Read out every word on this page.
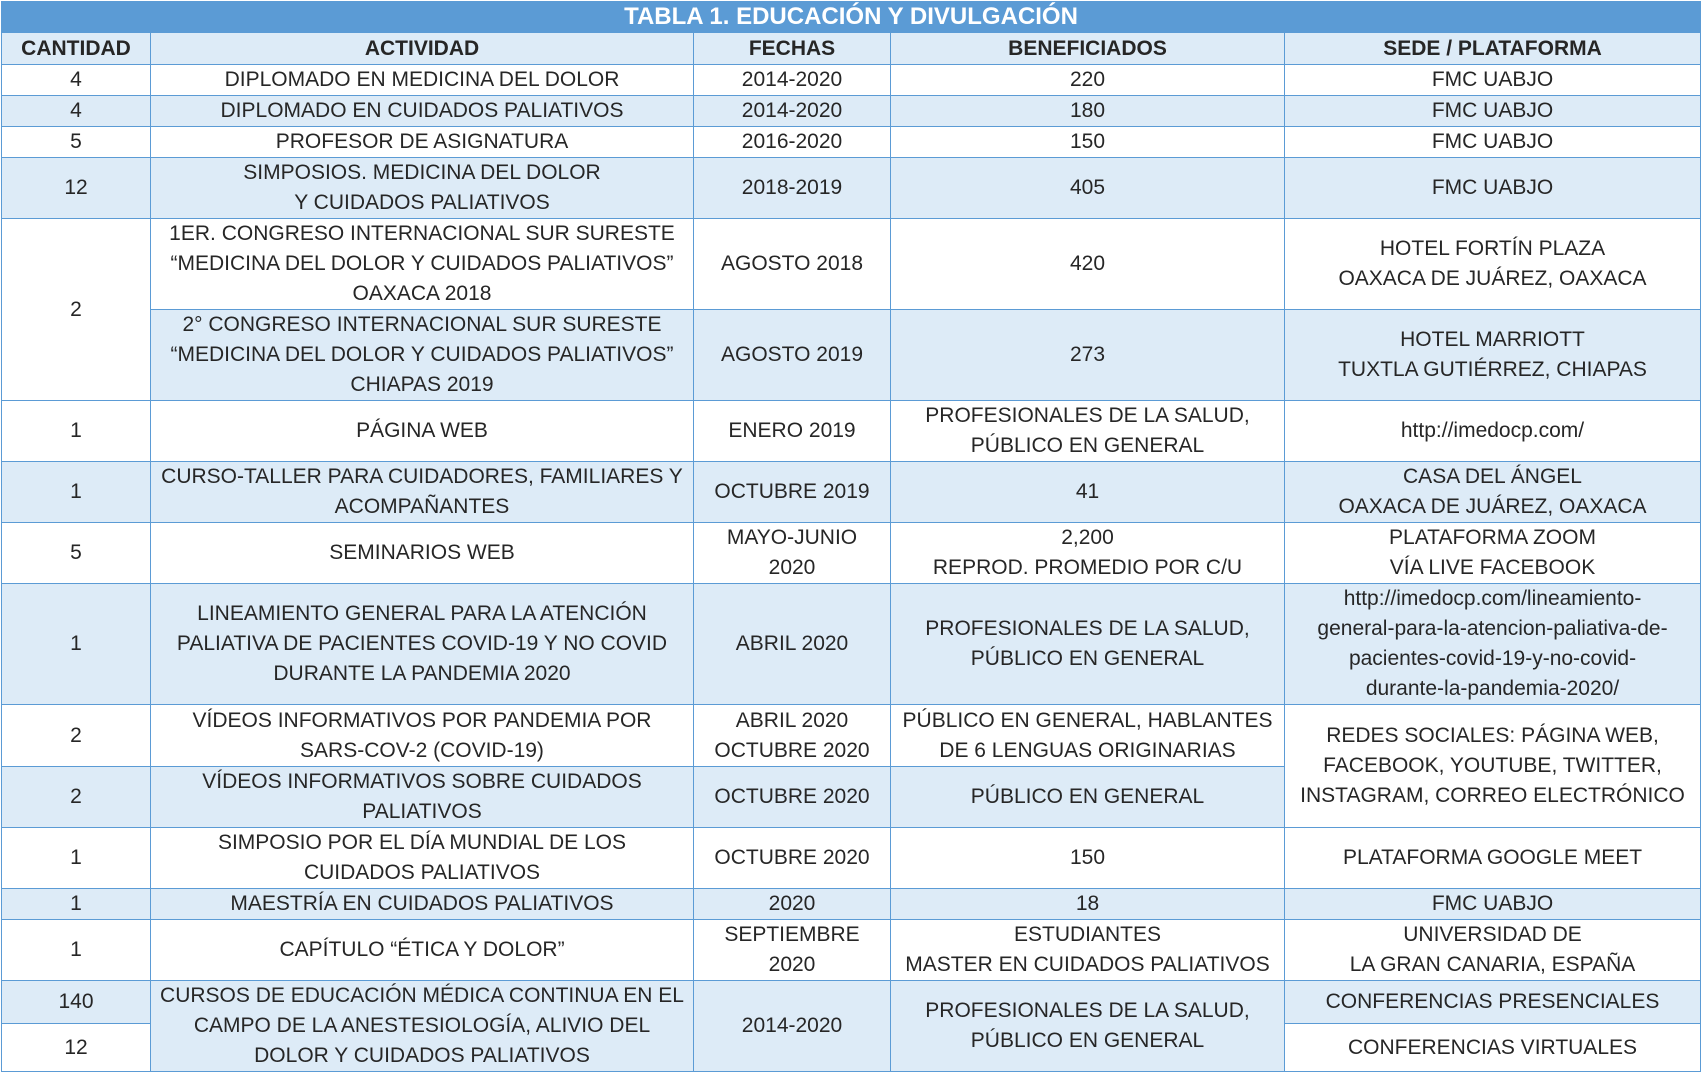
TABLA 1. EDUCACIÓN Y DIVULGACIÓN				
CANTIDAD	ACTIVIDAD	FECHAS	BENEFICIADOS	SEDE / PLATAFORMA
4	DIPLOMADO EN MEDICINA DEL DOLOR	2014-2020	220	FMC UABJO

4	DIPLOMADO EN CUIDADOS PALIATIVOS	2014-2020	180	FMC UABJO

5	PROFESOR DE ASIGNATURA	2016-2020	150	FMC UABJO

12	SIMPOSIOS. MEDICINA DEL DOLOR
Y CUIDADOS PALIATIVOS	2018-2019	405	FMC UABJO

2	1ER. CONGRESO INTERNACIONAL SUR SURESTE
“MEDICINA DEL DOLOR Y CUIDADOS PALIATIVOS”
OAXACA 2018	AGOSTO 2018	420	HOTEL FORTÍN PLAZA
OAXACA DE JUÁREZ, OAXACA

	2° CONGRESO INTERNACIONAL SUR SURESTE
“MEDICINA DEL DOLOR Y CUIDADOS PALIATIVOS”
CHIAPAS 2019	AGOSTO 2019	273	HOTEL MARRIOTT
TUXTLA GUTIÉRREZ, CHIAPAS

1	PÁGINA WEB	ENERO 2019	PROFESIONALES DE LA SALUD,
PÚBLICO EN GENERAL	http://imedocp.com/

1	CURSO-TALLER PARA CUIDADORES, FAMILIARES Y
ACOMPAÑANTES	OCTUBRE 2019	41	CASA DEL ÁNGEL
OAXACA DE JUÁREZ, OAXACA

5	SEMINARIOS WEB	MAYO-JUNIO
2020	2,200
REPROD. PROMEDIO POR C/U	PLATAFORMA ZOOM
VÍA LIVE FACEBOOK

1	LINEAMIENTO GENERAL PARA LA ATENCIÓN
PALIATIVA DE PACIENTES COVID-19 Y NO COVID
DURANTE LA PANDEMIA 2020	ABRIL 2020	PROFESIONALES DE LA SALUD,
PÚBLICO EN GENERAL	http://imedocp.com/lineamiento-
general-para-la-atencion-paliativa-de-
pacientes-covid-19-y-no-covid-
durante-la-pandemia-2020/

2	VÍDEOS INFORMATIVOS POR PANDEMIA POR
SARS-COV-2 (COVID-19)	ABRIL 2020
OCTUBRE 2020	PÚBLICO EN GENERAL, HABLANTES
DE 6 LENGUAS ORIGINARIAS	REDES SOCIALES: PÁGINA WEB,
FACEBOOK, YOUTUBE, TWITTER,
INSTAGRAM, CORREO ELECTRÓNICO

2	VÍDEOS INFORMATIVOS SOBRE CUIDADOS
PALIATIVOS	OCTUBRE 2020	PÚBLICO EN GENERAL	

1	SIMPOSIO POR EL DÍA MUNDIAL DE LOS
CUIDADOS PALIATIVOS	OCTUBRE 2020	150	PLATAFORMA GOOGLE MEET

1	MAESTRÍA EN CUIDADOS PALIATIVOS	2020	18	FMC UABJO

1	CAPÍTULO “ÉTICA Y DOLOR”	SEPTIEMBRE
2020	ESTUDIANTES
MASTER EN CUIDADOS PALIATIVOS	UNIVERSIDAD DE
LA GRAN CANARIA, ESPAÑA

140	CURSOS DE EDUCACIÓN MÉDICA CONTINUA EN EL
CAMPO DE LA ANESTESIOLOGÍA, ALIVIO DEL
DOLOR Y CUIDADOS PALIATIVOS	2014-2020	PROFESIONALES DE LA SALUD,
PÚBLICO EN GENERAL	CONFERENCIAS PRESENCIALES

12				CONFERENCIAS VIRTUALES
